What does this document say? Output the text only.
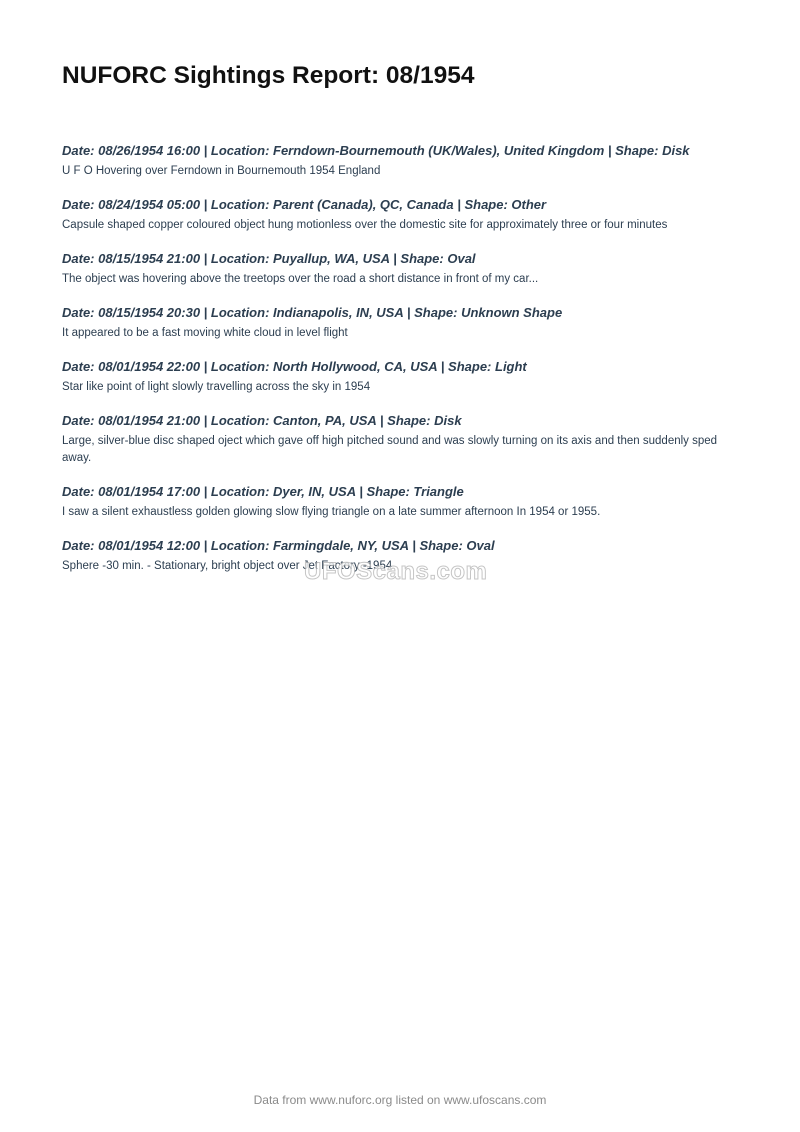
NUFORC Sightings Report: 08/1954
Date: 08/26/1954 16:00 | Location: Ferndown-Bournemouth (UK/Wales), United Kingdom | Shape: Disk

U F O Hovering over Ferndown in Bournemouth 1954 England

Date: 08/24/1954 05:00 | Location: Parent (Canada), QC, Canada | Shape: Other

Capsule shaped copper coloured object hung motionless over the domestic site for approximately three or four minutes

Date: 08/15/1954 21:00 | Location: Puyallup, WA, USA | Shape: Oval

The object was hovering above the treetops over the road a short distance in front of my car...

Date: 08/15/1954 20:30 | Location: Indianapolis, IN, USA | Shape: Unknown Shape

It appeared to be a fast moving white cloud in level flight

Date: 08/01/1954 22:00 | Location: North Hollywood, CA, USA | Shape: Light

Star like point of light slowly travelling across the sky in 1954

Date: 08/01/1954 21:00 | Location: Canton, PA, USA | Shape: Disk

Large, silver-blue disc shaped oject which gave off high pitched sound and was slowly turning on its axis and then suddenly sped away.

Date: 08/01/1954 17:00 | Location: Dyer, IN, USA | Shape: Triangle

I saw a silent exhaustless golden glowing slow flying triangle on a late summer afternoon In 1954 or 1955.

Date: 08/01/1954 12:00 | Location: Farmingdale, NY, USA | Shape: Oval

Sphere -30 min. - Stationary, bright object over Jet Factory -1954

UFOScans.com
Data from www.nuforc.org listed on www.ufoscans.com
